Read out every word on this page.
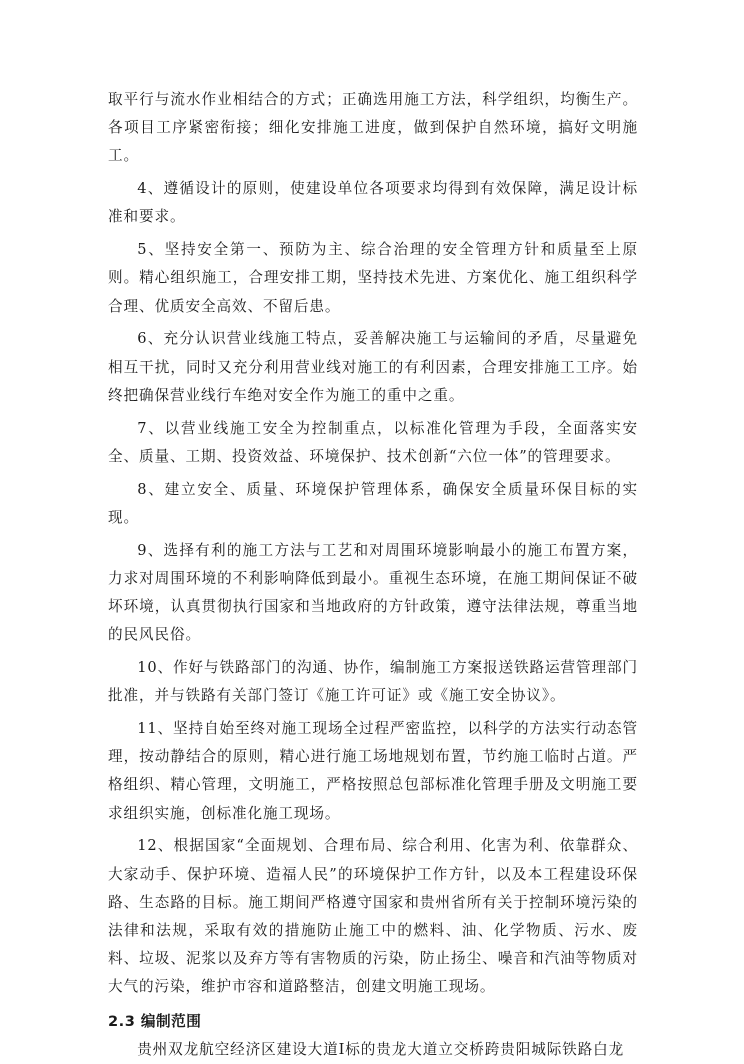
取平行与流水作业相结合的方式；正确选用施工方法，科学组织，均衡生产。各项目工序紧密衔接；细化安排施工进度，做到保护自然环境，搞好文明施工。

4、遵循设计的原则，使建设单位各项要求均得到有效保障，满足设计标准和要求。

5、坚持安全第一、预防为主、综合治理的安全管理方针和质量至上原则。精心组织施工，合理安排工期，坚持技术先进、方案优化、施工组织科学合理、优质安全高效、不留后患。

6、充分认识营业线施工特点，妥善解决施工与运输间的矛盾，尽量避免相互干扰，同时又充分利用营业线对施工的有利因素，合理安排施工工序。始终把确保营业线行车绝对安全作为施工的重中之重。

7、以营业线施工安全为控制重点，以标准化管理为手段，全面落实安全、质量、工期、投资效益、环境保护、技术创新“六位一体”的管理要求。

8、建立安全、质量、环境保护管理体系，确保安全质量环保目标的实现。

9、选择有利的施工方法与工艺和对周围环境影响最小的施工布置方案，力求对周围环境的不利影响降低到最小。重视生态环境，在施工期间保证不破坏环境，认真贯彻执行国家和当地政府的方针政策，遵守法律法规，尊重当地的民风民俗。

10、作好与铁路部门的沟通、协作，编制施工方案报送铁路运营管理部门批准，并与铁路有关部门签订《施工许可证》或《施工安全协议》。

11、坚持自始至终对施工现场全过程严密监控，以科学的方法实行动态管理，按动静结合的原则，精心进行施工场地规划布置，节约施工临时占道。严格组织、精心管理，文明施工，严格按照总包部标准化管理手册及文明施工要求组织实施，创标准化施工现场。

12、根据国家“全面规划、合理布局、综合利用、化害为利、依靠群众、大家动手、保护环境、造福人民”的环境保护工作方针，以及本工程建设环保路、生态路的目标。施工期间严格遵守国家和贵州省所有关于控制环境污染的法律和法规，采取有效的措施防止施工中的燃料、油、化学物质、污水、废料、垃圾、泥浆以及弃方等有害物质的污染，防止扬尘、噪音和汽油等物质对大气的污染，维护市容和道路整洁，创建文明施工现场。

2.3 编制范围

贵州双龙航空经济区建设大道Ⅰ标的贵龙大道立交桥跨贵阳城际铁路白龙
